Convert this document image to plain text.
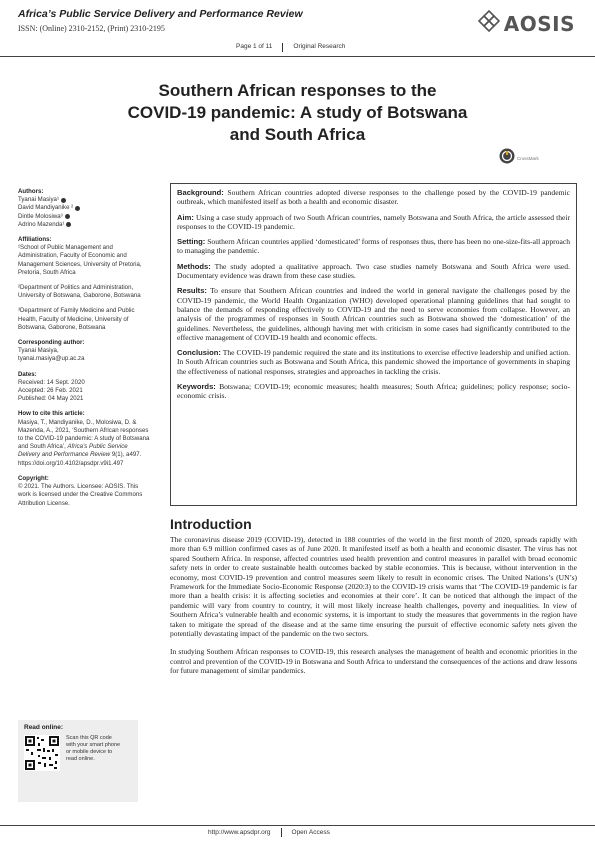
Africa’s Public Service Delivery and Performance Review
ISSN: (Online) 2310-2152, (Print) 2310-2195	AOSIS
Page 1 of 11	Original Research
Southern African responses to the
COVID-19 pandemic: A study of Botswana
and South Africa
CrossMark
Authors:
Tyanai Masiya¹
David Mandiyanike ²
Dintle Molosiwa³
Adrino Mazenda¹
Affiliations:
¹School of Public Management and Administration, Faculty of Economic and Management Sciences, University of Pretoria, Pretoria, South Africa
²Department of Politics and Administration, University of Botswana, Gaborone, Botswana
³Department of Family Medicine and Public Health, Faculty of Medicine, University of Botswana, Gaborone, Botswana
Corresponding author:
Tyanai Masiya,
tyanai.masiya@up.ac.za
Dates:
Received: 14 Sept. 2020
Accepted: 26 Feb. 2021
Published: 04 May 2021
How to cite this article:
Masiya, T., Mandiyanike, D., Molosiwa, D. & Mazenda, A., 2021, ‘Southern African responses to the COVID-19 pandemic: A study of Botswana and South Africa’, Africa’s Public Service Delivery and Performance Review 9(1), a497. https://doi.org/10.4102/apsdpr.v9i1.497
Copyright:
© 2021. The Authors. Licensee: AOSIS. This work is licensed under the Creative Commons Attribution License.
Read online:
Scan this QR code with your smart phone or mobile device to read online.

Background: Southern African countries adopted diverse responses to the challenge posed by the COVID-19 pandemic outbreak, which manifested itself as both a health and economic disaster.

Aim: Using a case study approach of two South African countries, namely Botswana and South Africa, the article assessed their responses to the COVID-19 pandemic.

Setting: Southern African countries applied ‘domesticated’ forms of responses thus, there has been no one-size-fits-all approach to managing the pandemic.

Methods: The study adopted a qualitative approach. Two case studies namely Botswana and South Africa were used. Documentary evidence was drawn from these case studies.

Results: To ensure that Southern African countries and indeed the world in general navigate the challenges posed by the COVID-19 pandemic, the World Health Organization (WHO) developed operational planning guidelines that had sought to balance the demands of responding effectively to COVID-19 and the need to serve economies from collapse. However, an analysis of the programmes of responses in South African countries such as Botswana showed the ‘domestication’ of the guidelines. Nevertheless, the guidelines, although having met with criticism in some cases had significantly contributed to the effective management of COVID-19 health and economic effects.

Conclusion: The COVID-19 pandemic required the state and its institutions to exercise effective leadership and unified action. In South African countries such as Botswana and South Africa, this pandemic showed the importance of governments in shaping the effectiveness of national responses, strategies and approaches in tackling the crisis.

Keywords: Botswana; COVID-19; economic measures; health measures; South Africa; guidelines; policy response; socio-economic crisis.

Introduction

The coronavirus disease 2019 (COVID-19), detected in 188 countries of the world in the first month of 2020, spreads rapidly with more than 6.9 million confirmed cases as of June 2020. It manifested itself as both a health and economic disaster. The virus has not spared Southern Africa. In response, affected countries used health prevention and control measures in parallel with broad economic safety nets in order to create sustainable health outcomes backed by stable economies. This is because, without intervention in the economy, most COVID-19 prevention and control measures seem likely to result in economic crises. The United Nations’s (UN’s) Framework for the Immediate Socio-Economic Response (2020:3) to the COVID-19 crisis warns that ‘The COVID-19 pandemic is far more than a health crisis: it is affecting societies and economies at their core’. It can be noticed that although the impact of the pandemic will vary from country to country, it will most likely increase health challenges, poverty and inequalities. In view of Southern Africa’s vulnerable health and economic systems, it is important to study the measures that governments in the region have taken to mitigate the spread of the disease and at the same time ensuring the pursuit of effective economic safety nets given the potentially devastating impact of the pandemic on the two sectors.

In studying Southern African responses to COVID-19, this research analyses the management of health and economic priorities in the control and prevention of the COVID-19 in Botswana and South Africa to understand the consequences of the actions and draw lessons for future management of similar pandemics.

http://www.apsdpr.org	Open Access
